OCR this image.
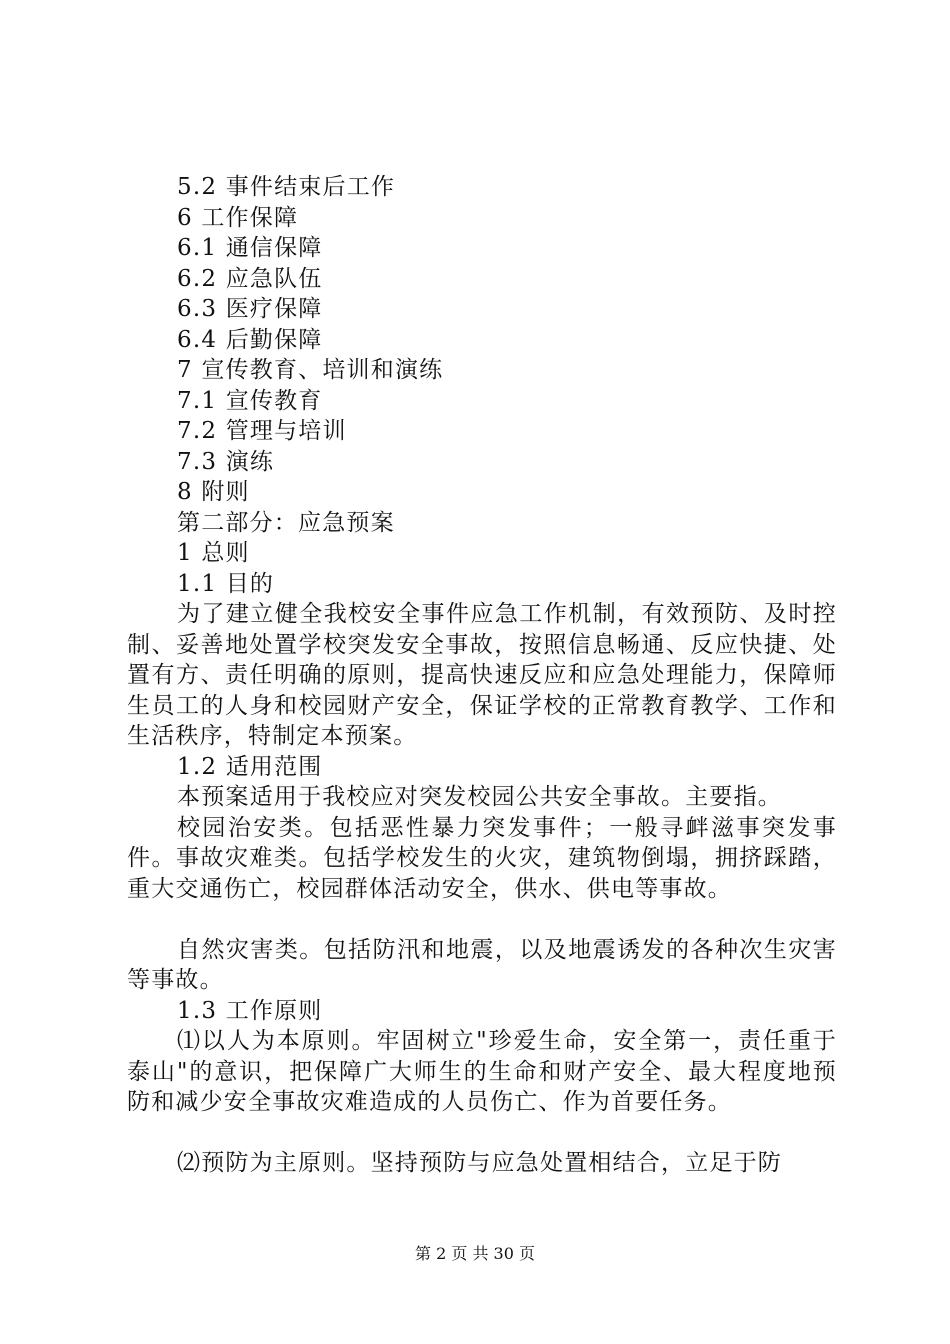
5.2 事件结束后工作
6 工作保障
6.1 通信保障
6.2 应急队伍
6.3 医疗保障
6.4 后勤保障
7 宣传教育、培训和演练
7.1 宣传教育
7.2 管理与培训
7.3 演练
8 附则
第二部分：应急预案
1 总则
1.1 目的

为了建立健全我校安全事件应急工作机制，有效预防、及时控制、妥善地处置学校突发安全事故，按照信息畅通、反应快捷、处置有方、责任明确的原则，提高快速反应和应急处理能力，保障师生员工的人身和校园财产安全，保证学校的正常教育教学、工作和生活秩序，特制定本预案。

1.2 适用范围

本预案适用于我校应对突发校园公共安全事故。主要指。

校园治安类。包括恶性暴力突发事件；一般寻衅滋事突发事件。事故灾难类。包括学校发生的火灾，建筑物倒塌，拥挤踩踏，重大交通伤亡，校园群体活动安全，供水、供电等事故。

自然灾害类。包括防汛和地震，以及地震诱发的各种次生灾害等事故。

1.3 工作原则

⑴以人为本原则。牢固树立"珍爱生命，安全第一，责任重于泰山"的意识，把保障广大师生的生命和财产安全、最大程度地预防和减少安全事故灾难造成的人员伤亡、作为首要任务。

⑵预防为主原则。坚持预防与应急处置相结合，立足于防

第 2 页 共 30 页
